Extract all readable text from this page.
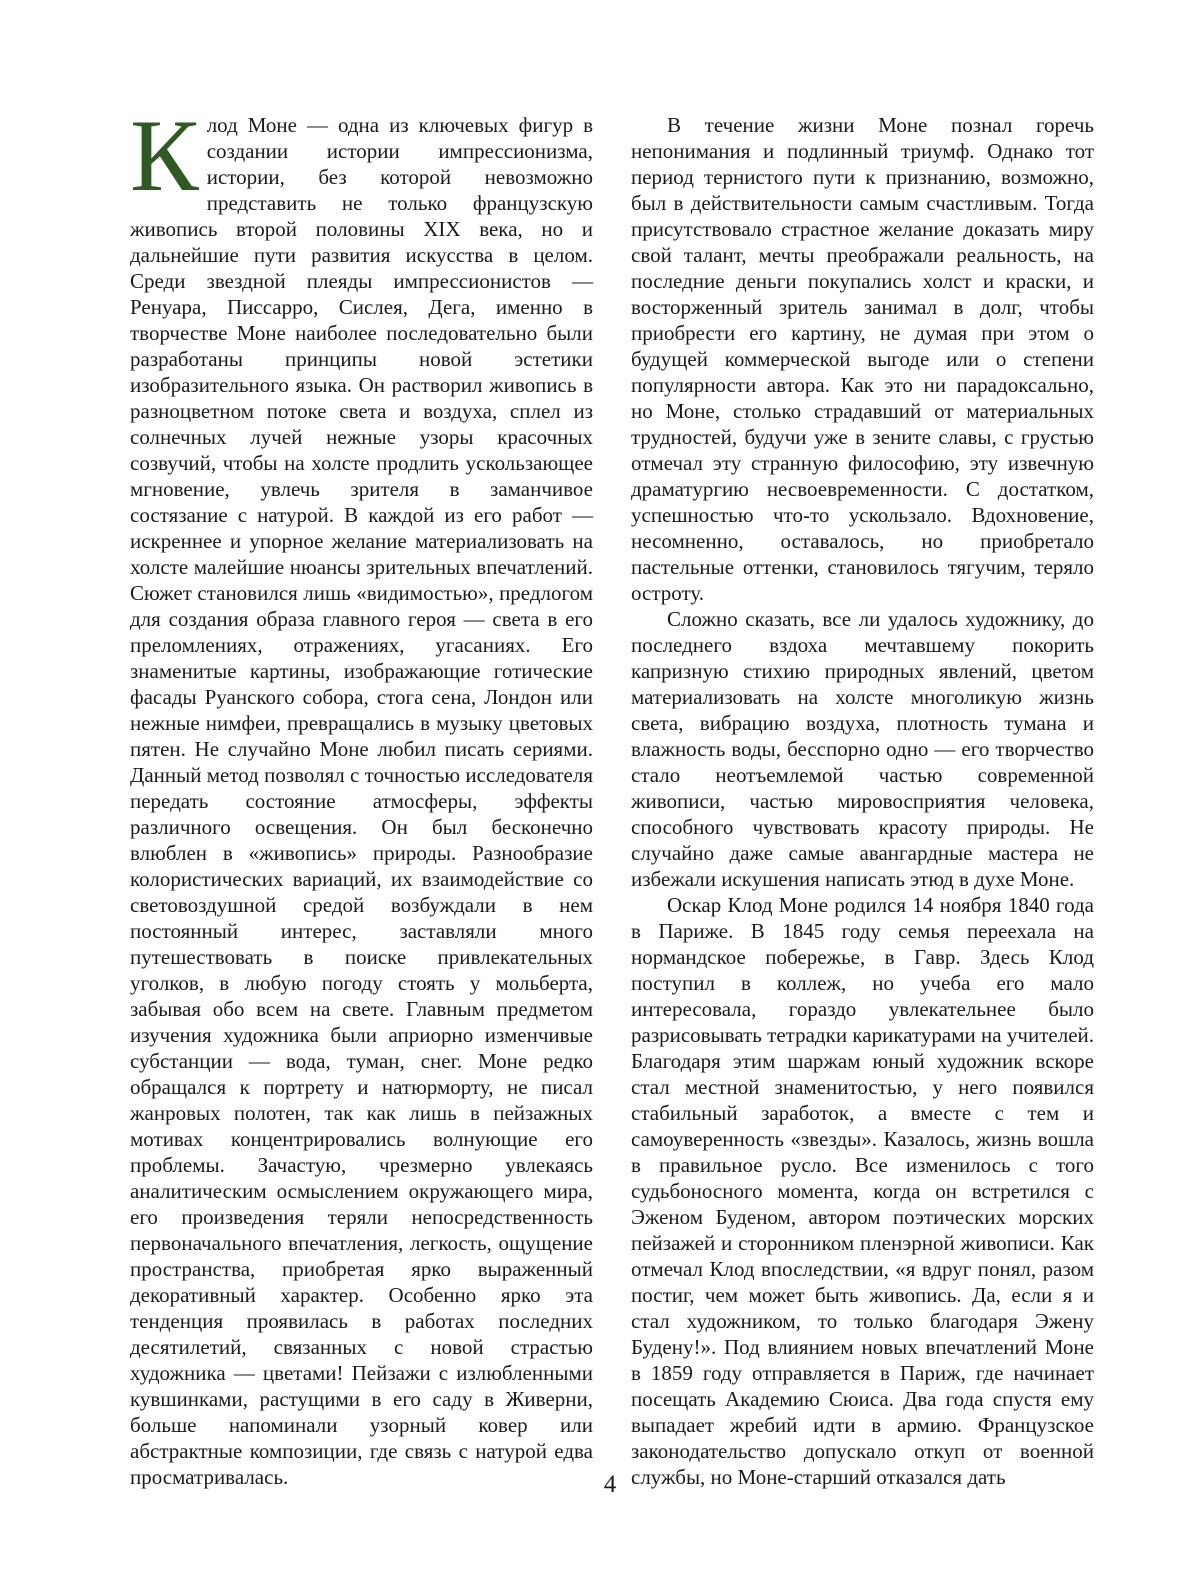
Клод Моне — одна из ключевых фигур в создании истории импрессионизма, истории, без которой невозможно представить не только французскую живопись второй половины XIX века, но и дальнейшие пути развития искусства в целом. Среди звездной плеяды импрессионистов — Ренуара, Писсарро, Сислея, Дега, именно в творчестве Моне наиболее последовательно были разработаны принципы новой эстетики изобразительного языка. Он растворил живопись в разноцветном потоке света и воздуха, сплел из солнечных лучей нежные узоры красочных созвучий, чтобы на холсте продлить ускользающее мгновение, увлечь зрителя в заманчивое состязание с натурой. В каждой из его работ — искреннее и упорное желание материализовать на холсте малейшие нюансы зрительных впечатлений. Сюжет становился лишь «видимостью», предлогом для создания образа главного героя — света в его преломлениях, отражениях, угасаниях. Его знаменитые картины, изображающие готические фасады Руанского собора, стога сена, Лондон или нежные нимфеи, превращались в музыку цветовых пятен. Не случайно Моне любил писать сериями. Данный метод позволял с точностью исследователя передать состояние атмосферы, эффекты различного освещения. Он был бесконечно влюблен в «живопись» природы. Разнообразие колористических вариаций, их взаимодействие со световоздушной средой возбуждали в нем постоянный интерес, заставляли много путешествовать в поиске привлекательных уголков, в любую погоду стоять у мольберта, забывая обо всем на свете. Главным предметом изучения художника были априорно изменчивые субстанции — вода, туман, снег. Моне редко обращался к портрету и натюрморту, не писал жанровых полотен, так как лишь в пейзажных мотивах концентрировались волнующие его проблемы. Зачастую, чрезмерно увлекаясь аналитическим осмыслением окружающего мира, его произведения теряли непосредственность первоначального впечатления, легкость, ощущение пространства, приобретая ярко выраженный декоративный характер. Особенно ярко эта тенденция проявилась в работах последних десятилетий, связанных с новой страстью художника — цветами! Пейзажи с излюбленными кувшинками, растущими в его саду в Живерни, больше напоминали узорный ковер или абстрактные композиции, где связь с натурой едва просматривалась.

В течение жизни Моне познал горечь непонимания и подлинный триумф. Однако тот период тернистого пути к признанию, возможно, был в действительности самым счастливым. Тогда присутствовало страстное желание доказать миру свой талант, мечты преображали реальность, на последние деньги покупались холст и краски, и восторженный зритель занимал в долг, чтобы приобрести его картину, не думая при этом о будущей коммерческой выгоде или о степени популярности автора. Как это ни парадоксально, но Моне, столько страдавший от материальных трудностей, будучи уже в зените славы, с грустью отмечал эту странную философию, эту извечную драматургию несвоевременности. С достатком, успешностью что-то ускользало. Вдохновение, несомненно, оставалось, но приобретало пастельные оттенки, становилось тягучим, теряло остроту.

Сложно сказать, все ли удалось художнику, до последнего вздоха мечтавшему покорить капризную стихию природных явлений, цветом материализовать на холсте многоликую жизнь света, вибрацию воздуха, плотность тумана и влажность воды, бесспорно одно — его творчество стало неотъемлемой частью современной живописи, частью мировосприятия человека, способного чувствовать красоту природы. Не случайно даже самые авангардные мастера не избежали искушения написать этюд в духе Моне.

Оскар Клод Моне родился 14 ноября 1840 года в Париже. В 1845 году семья переехала на нормандское побережье, в Гавр. Здесь Клод поступил в коллеж, но учеба его мало интересовала, гораздо увлекательнее было разрисовывать тетрадки карикатурами на учителей. Благодаря этим шаржам юный художник вскоре стал местной знаменитостью, у него появился стабильный заработок, а вместе с тем и самоуверенность «звезды». Казалось, жизнь вошла в правильное русло. Все изменилось с того судьбоносного момента, когда он встретился с Эженом Буденом, автором поэтических морских пейзажей и сторонником пленэрной живописи. Как отмечал Клод впоследствии, «я вдруг понял, разом постиг, чем может быть живопись. Да, если я и стал художником, то только благодаря Эжену Будену!». Под влиянием новых впечатлений Моне в 1859 году отправляется в Париж, где начинает посещать Академию Сюиса. Два года спустя ему выпадает жребий идти в армию. Французское законодательство допускало откуп от военной службы, но Моне-старший отказался дать

4
